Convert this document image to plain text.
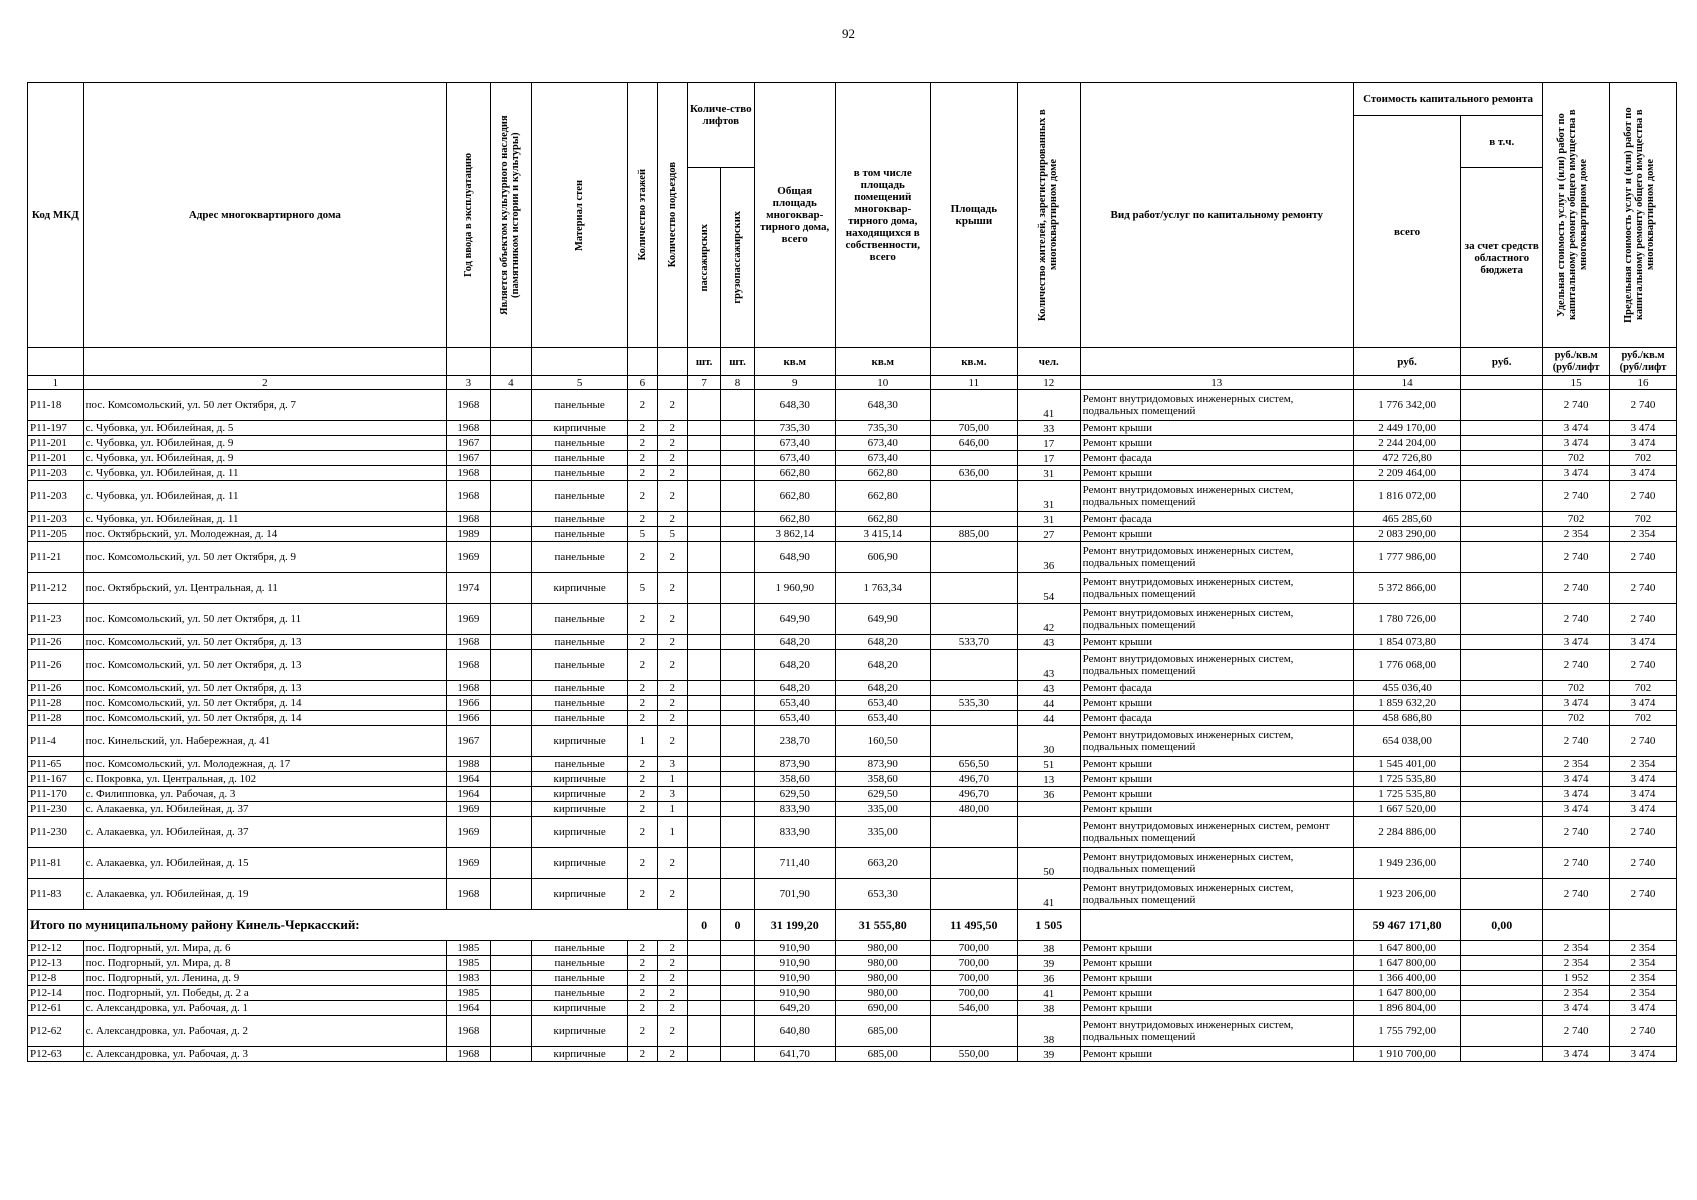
92
Код МКД	Адрес многоквартирного дома	Год ввода в эксплуатацию	Является объектом культурного наследия (памятником истории и культуры)	Материал стен	Количество этажей	Количество подъездов	Количе-ство лифтов		Общая площадь многоквар-тирного дома, всего	в том числе площадь помещений многоквар-тирного дома, находящихся в собственности, всего	Площадь крыши	Количество жителей, зарегистрированных в многоквартирном доме	Вид работ/услуг по капитальному ремонту	Стоимость капитального ремонта		Удельная стоимость услуг и (или) работ по капитальному ремонту общего имущества в многоквартирном доме	Предельная стоимость услуг и (или) работ по капитальному ремонту общего имущества в многоквартирном доме

														всего	в т.ч.		

							пассажирских	грузопассажирских							за счет средств областного бюджета		
							шт.	шт.	кв.м	кв.м	кв.м.	чел.		руб.	руб.	руб./кв.м (руб/лифт	руб./кв.м (руб/лифт
1	2	3	4	5	6		7	8	9	10	11	12	13	14		15	16
Р11-18	пос. Комсомольский, ул. 50 лет Октября, д. 7	1968		панельные	2	2			648,30	648,30		41	Ремонт внутридомовых инженерных систем, подвальных помещений	1 776 342,00		2 740	2 740
Р11-197	с. Чубовка, ул. Юбилейная, д. 5	1968		кирпичные	2	2			735,30	735,30	705,00	33	Ремонт крыши	2 449 170,00		3 474	3 474
Р11-201	с. Чубовка, ул. Юбилейная, д. 9	1967		панельные	2	2			673,40	673,40	646,00	17	Ремонт крыши	2 244 204,00		3 474	3 474
Р11-201	с. Чубовка, ул. Юбилейная, д. 9	1967		панельные	2	2			673,40	673,40		17	Ремонт фасада	472 726,80		702	702
Р11-203	с. Чубовка, ул. Юбилейная, д. 11	1968		панельные	2	2			662,80	662,80	636,00	31	Ремонт крыши	2 209 464,00		3 474	3 474
Р11-203	с. Чубовка, ул. Юбилейная, д. 11	1968		панельные	2	2			662,80	662,80		31	Ремонт внутридомовых инженерных систем, подвальных помещений	1 816 072,00		2 740	2 740
Р11-203	с. Чубовка, ул. Юбилейная, д. 11	1968		панельные	2	2			662,80	662,80		31	Ремонт фасада	465 285,60		702	702
Р11-205	пос. Октябрьский, ул. Молодежная, д. 14	1989		панельные	5	5			3 862,14	3 415,14	885,00	27	Ремонт крыши	2 083 290,00		2 354	2 354
Р11-21	пос. Комсомольский, ул. 50 лет Октября, д. 9	1969		панельные	2	2			648,90	606,90		36	Ремонт внутридомовых инженерных систем, подвальных помещений	1 777 986,00		2 740	2 740
Р11-212	пос. Октябрьский, ул. Центральная, д. 11	1974		кирпичные	5	2			1 960,90	1 763,34		54	Ремонт внутридомовых инженерных систем, подвальных помещений	5 372 866,00		2 740	2 740
Р11-23	пос. Комсомольский, ул. 50 лет Октября, д. 11	1969		панельные	2	2			649,90	649,90		42	Ремонт внутридомовых инженерных систем, подвальных помещений	1 780 726,00		2 740	2 740
Р11-26	пос. Комсомольский, ул. 50 лет Октября, д. 13	1968		панельные	2	2			648,20	648,20	533,70	43	Ремонт крыши	1 854 073,80		3 474	3 474
Р11-26	пос. Комсомольский, ул. 50 лет Октября, д. 13	1968		панельные	2	2			648,20	648,20		43	Ремонт внутридомовых инженерных систем, подвальных помещений	1 776 068,00		2 740	2 740
Р11-26	пос. Комсомольский, ул. 50 лет Октября, д. 13	1968		панельные	2	2			648,20	648,20		43	Ремонт фасада	455 036,40		702	702
Р11-28	пос. Комсомольский, ул. 50 лет Октября, д. 14	1966		панельные	2	2			653,40	653,40	535,30	44	Ремонт крыши	1 859 632,20		3 474	3 474
Р11-28	пос. Комсомольский, ул. 50 лет Октября, д. 14	1966		панельные	2	2			653,40	653,40		44	Ремонт фасада	458 686,80		702	702
Р11-4	пос. Кинельский, ул. Набережная, д. 41	1967		кирпичные	1	2			238,70	160,50		30	Ремонт внутридомовых инженерных систем, подвальных помещений	654 038,00		2 740	2 740
Р11-65	пос. Комсомольский, ул. Молодежная, д. 17	1988		панельные	2	3			873,90	873,90	656,50	51	Ремонт крыши	1 545 401,00		2 354	2 354
Р11-167	с. Покровка, ул. Центральная, д. 102	1964		кирпичные	2	1			358,60	358,60	496,70	13	Ремонт крыши	1 725 535,80		3 474	3 474
Р11-170	с. Филипповка, ул. Рабочая, д. 3	1964		кирпичные	2	3			629,50	629,50	496,70	36	Ремонт крыши	1 725 535,80		3 474	3 474
Р11-230	с. Алакаевка, ул. Юбилейная, д. 37	1969		кирпичные	2	1			833,90	335,00	480,00		Ремонт крыши	1 667 520,00		3 474	3 474
Р11-230	с. Алакаевка, ул. Юбилейная, д. 37	1969		кирпичные	2	1			833,90	335,00			Ремонт внутридомовых инженерных систем, ремонт подвальных помещений	2 284 886,00		2 740	2 740
Р11-81	с. Алакаевка, ул. Юбилейная, д. 15	1969		кирпичные	2	2			711,40	663,20		50	Ремонт внутридомовых инженерных систем, подвальных помещений	1 949 236,00		2 740	2 740
Р11-83	с. Алакаевка, ул. Юбилейная, д. 19	1968		кирпичные	2	2			701,90	653,30		41	Ремонт внутридомовых инженерных систем, подвальных помещений	1 923 206,00		2 740	2 740
Итого по муниципальному району Кинель-Черкасский:							0	0	31 199,20	31 555,80	11 495,50	1 505		59 467 171,80	0,00		
Р12-12	пос. Подгорный, ул. Мира, д. 6	1985		панельные	2	2			910,90	980,00	700,00	38	Ремонт крыши	1 647 800,00		2 354	2 354
Р12-13	пос. Подгорный, ул. Мира, д. 8	1985		панельные	2	2			910,90	980,00	700,00	39	Ремонт крыши	1 647 800,00		2 354	2 354
Р12-8	пос. Подгорный, ул. Ленина, д. 9	1983		панельные	2	2			910,90	980,00	700,00	36	Ремонт крыши	1 366 400,00		1 952	2 354
Р12-14	пос. Подгорный, ул. Победы, д. 2 а	1985		панельные	2	2			910,90	980,00	700,00	41	Ремонт крыши	1 647 800,00		2 354	2 354
Р12-61	с. Александровка, ул. Рабочая, д. 1	1964		кирпичные	2	2			649,20	690,00	546,00	38	Ремонт крыши	1 896 804,00		3 474	3 474
Р12-62	с. Александровка, ул. Рабочая, д. 2	1968		кирпичные	2	2			640,80	685,00		38	Ремонт внутридомовых инженерных систем, подвальных помещений	1 755 792,00		2 740	2 740
Р12-63	с. Александровка, ул. Рабочая, д. 3	1968		кирпичные	2	2			641,70	685,00	550,00	39	Ремонт крыши	1 910 700,00		3 474	3 474
